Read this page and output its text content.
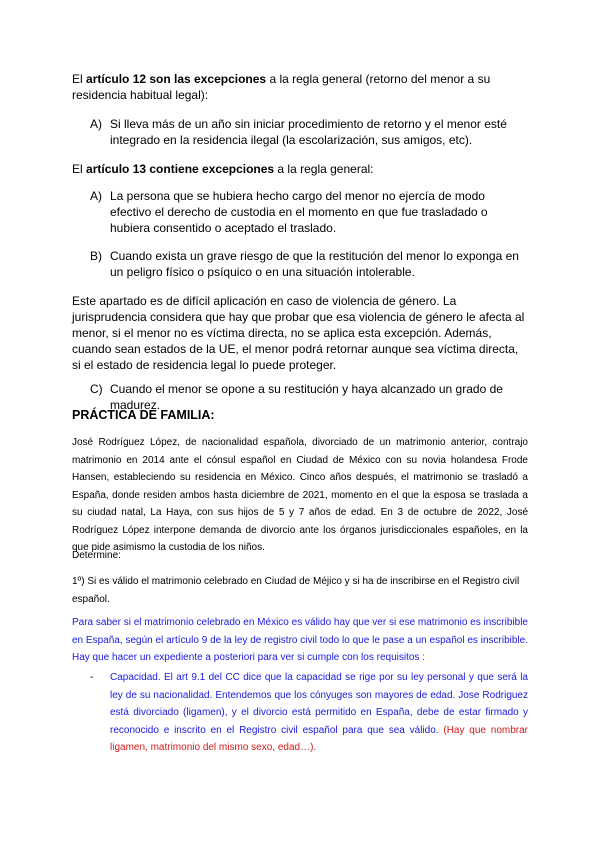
El artículo 12 son las excepciones a la regla general (retorno del menor a su residencia habitual legal):

A) Si lleva más de un año sin iniciar procedimiento de retorno y el menor esté integrado en la residencia ilegal (la escolarización, sus amigos, etc).

El artículo 13 contiene excepciones a la regla general:

A) La persona que se hubiera hecho cargo del menor no ejercía de modo efectivo el derecho de custodia en el momento en que fue trasladado o hubiera consentido o aceptado el traslado.

B) Cuando exista un grave riesgo de que la restitución del menor lo exponga en un peligro físico o psíquico o en una situación intolerable.

Este apartado es de difícil aplicación en caso de violencia de género. La jurisprudencia considera que hay que probar que esa violencia de género le afecta al menor, si el menor no es víctima directa, no se aplica esta excepción. Además, cuando sean estados de la UE, el menor podrá retornar aunque sea víctima directa, si el estado de residencia legal lo puede proteger.

C) Cuando el menor se opone a su restitución y haya alcanzado un grado de madurez.

PRÁCTICA DE FAMILIA:

José Rodríguez López, de nacionalidad española, divorciado de un matrimonio anterior, contrajo matrimonio en 2014 ante el cónsul español en Ciudad de México con su novia holandesa Frode Hansen, estableciendo su residencia en México. Cinco años después, el matrimonio se trasladó a España, donde residen ambos hasta diciembre de 2021, momento en el que la esposa se traslada a su ciudad natal, La Haya, con sus hijos de 5 y 7 años de edad. En 3 de octubre de 2022, José Rodríguez López interpone demanda de divorcio ante los órganos jurisdiccionales españoles, en la que pide asimismo la custodia de los niños.

Determine:

1º) Si es válido el matrimonio celebrado en Ciudad de Méjico y si ha de inscribirse en el Registro civil español.

Para saber si el matrimonio celebrado en México es válido hay que ver si ese matrimonio es inscribible en España, según el artículo 9 de la ley de registro civil todo lo que le pase a un español es inscribible. Hay que hacer un expediente a posteriori para ver si cumple con los requisitos :

- Capacidad. El art 9.1 del CC dice que la capacidad se rige por su ley personal y que será la ley de su nacionalidad. Entendemos que los cónyuges son mayores de edad. Jose Rodriguez está divorciado (ligamen), y el divorcio está permitido en España, debe de estar firmado y reconocido e inscrito en el Registro civil español para que sea válido. (Hay que nombrar ligamen, matrimonio del mismo sexo, edad…).
